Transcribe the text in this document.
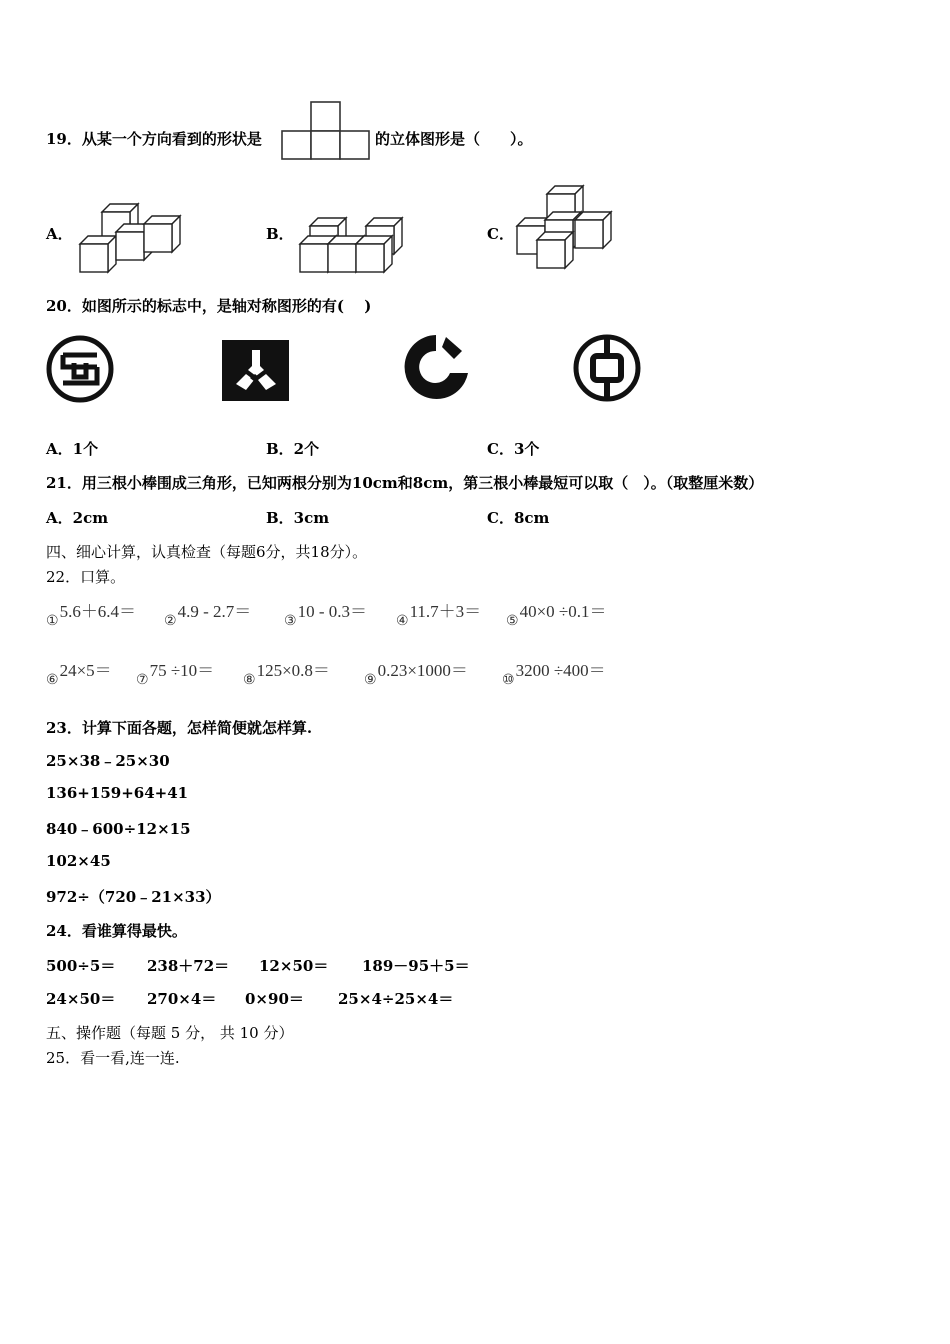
19．从某一个方向看到的形状是	的立体图形是（　　）。
A．	B．	C．
20．如图所示的标志中，是轴对称图形的有(　 )
A．1个	B．2个	C．3个
21．用三根小棒围成三角形，已知两根分别为10cm和8cm，第三根小棒最短可以取（　）。（取整厘米数）
A．2cm	B．3cm	C．8cm
四、细心计算，认真检查（每题6分，共18分）。
22．口算。
$_①$5.6＋6.4＝
$_②$4.9 - 2.7＝
$_③$10 - 0.3＝
$_④$11.7＋3＝
$_⑤$40×0 ÷0.1＝
$_⑥$24×5＝
$_⑦$75 ÷10＝
$_⑧$125×0.8＝
$_⑨$0.23×1000＝
$_⑩$3200 ÷400＝
23．计算下面各题，怎样简便就怎样算.
25×38﹣25×30
136+159+64+41
840﹣600÷12×15
102×45
972÷（720﹣21×33）
24．看谁算得最快。
500÷5＝ 238＋72＝ 12×50＝ 189－95＋5＝
24×50＝ 270×4＝ 0×90＝ 25×4÷25×4＝
五、操作题（每题 5 分， 共 10 分）
25．看一看,连一连.
